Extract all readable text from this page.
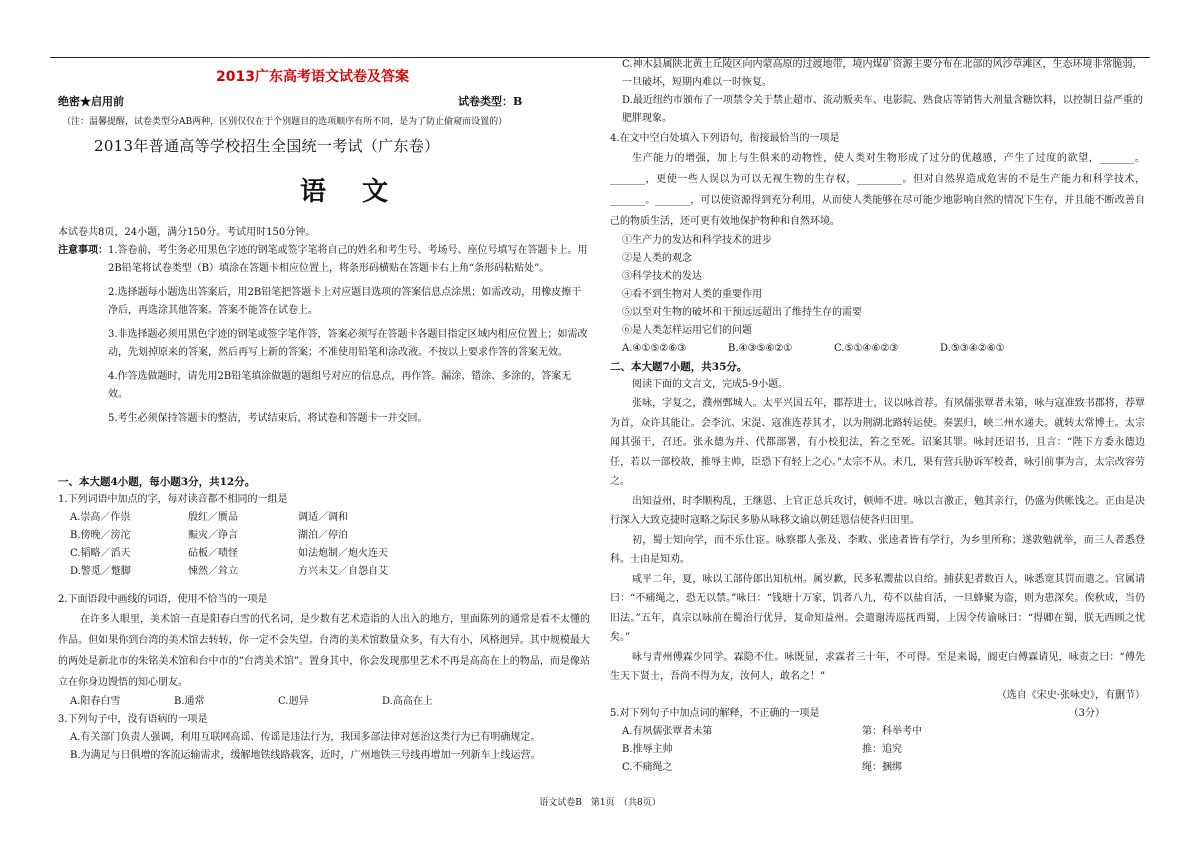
2013广东高考语文试卷及答案
绝密★启用前	试卷类型：B
（注：温馨提醒，试卷类型分AB两种，区别仅仅在于个别题目的选项顺序有所不同，是为了防止偷窥而设置的）
2013年普通高等学校招生全国统一考试（广东卷）
语文
本试卷共8页，24小题，满分150分。考试用时150分钟。
注意事项： 1.答卷前，考生务必用黑色字迹的钢笔或签字笔将自己的姓名和考生号、考场号、座位号填写在答题卡上。用2B铅笔将试卷类型（B）填涂在答题卡相应位置上，将条形码横贴在答题卡右上角“条形码粘贴处”。
2.选择题每小题选出答案后，用2B铅笔把答题卡上对应题目选项的答案信息点涂黑；如需改动，用橡皮擦干净后，再选涂其他答案。答案不能答在试卷上。
3.非选择题必须用黑色字迹的钢笔或签字笔作答，答案必须写在答题卡各题目指定区域内相应位置上；如需改动，先划掉原来的答案，然后再写上新的答案；不准使用铅笔和涂改液。不按以上要求作答的答案无效。
4.作答选做题时，请先用2B铅笔填涂做题的题组号对应的信息点，再作答。漏涂、错涂、多涂的，答案无效。
5.考生必须保持答题卡的整洁，考试结束后，将试卷和答题卡一并交回。
一、本大题4小题，每小题3分，共12分。
1.下列词语中加点的字，每对读音都不相同的一组是
A.崇高／作祟	殷红／赝品	调适／调和
B.傍晚／滂沱	赈灾／诤言	湖泊／停泊
C.韬略／滔天	砧板／啧怪	如法炮制／炮火连天
D.警觅／蹩脚	悚然／耸立	方兴未艾／自怨自艾
2.下面语段中画线的词语，使用不恰当的一项是
在许多人眼里，美术馆一直是阳春白雪的代名词，是少数有艺术造诣的人出入的地方，里面陈列的通常是看不太懂的作品。但如果你到台湾的美术馆去转转，你一定不会失望。台湾的美术馆数量众多，有大有小，风格迥异。其中规模最大的两处是新北市的朱铭美术馆和台中市的“台湾美术馆”。置身其中，你会发现那里艺术不再是高高在上的物品，而是像站立在你身边馒悟的知心朋友。
A.阳春白雪	B.通常	C.迥异	D.高高在上
3.下列句子中，没有语病的一项是
A.有关部门负责人强调，利用互联网高谣、传谣是违法行为，我国多部法律对惩治这类行为已有明确规定。
B.为满足与日俱增的客流运输需求，缓解地铁线路载客，近时，广州地铁三号线再增加一列新车上线运营。
C.神木县属陕北黄土丘陵区向内蒙高原的过渡地带，境内煤矿资源主要分布在北部的风沙草滩区，生态环境非常脆弱，一旦破坏，短期内难以一时恢复。
D.最近纽约市颁布了一项禁令关于禁止超市、流动贩卖车、电影院、熟食店等销售大剂量含糖饮料，以控制日益严重的肥胖现象。
4.在文中空白处填入下列语句，衔接最恰当的一项是
生产能力的增强，加上与生俱来的动物性，使人类对生物形成了过分的优越感，产生了过度的欲望，_______。_______，更使一些人误以为可以无视生物的生存权，_________。但对自然界造成危害的不是生产能力和科学技术，_______。_______，可以使资源得到充分利用，从而使人类能够在尽可能少地影响自然的情况下生存，并且能不断改善自己的物质生活，还可更有效地保护物种和自然环境。
①生产力的发达和科学技术的进步
②是人类的观念
③科学技术的发达
④看不到生物对人类的重要作用
⑤以至对生物的破坏和干预远远超出了维持生存的需要
⑥是人类怎样运用它们的问题
A.④①⑤②⑥③	B.④③⑤⑥②①	C.⑤①④⑥②③	D.⑤③④②⑥①
二、本大题7小题，共35分。
阅读下面的文言文，完成5-9小题。
张咏，字复之，濮州鄄城人。太平兴国五年，郡荐进士，议以咏首荐。有夙儒张覃者未第，咏与寇准致书郡将，荐覃为首，众许其能让。会李沆、宋湜、寇准连荐其才，以为荆湖北路转运使。奏罢归，峡二州水递夫。就转太常博士。太宗闻其强干，召还。张永德为并、代都部署，有小校犯法，笞之至死。诏案其罪。咏封还诏书，且言：“陛下方委永德边任，若以一部校故，推辱主帅，臣恐下有轻上之心。”太宗不从。未几，果有营兵胁诉军校者，咏引前事为言，太宗改容劳之。
出知益州，时李顺构乱，王继恩、上官正总兵攻讨，顿师不进。咏以言激正，勉其亲行，仍盛为供帐饯之。正由是决行深入大致克捷时寇略之际民多胁从咏移文谕以朝廷恩信使各归田里。
初，蜀士知向学，而不乐仕宦。咏察郡人张及、李畋、张逵者皆有学行，为乡里所称；遂敦勉就举，而三人者悉登科。士由是知劝。
咸平二年，夏，咏以工部侍郎出知杭州。属岁歉，民多私鬻盐以自给。捕获犯者数百人，咏悉宽其罚而遣之。官属请曰：“不痛绳之，恐无以禁。”咏曰：“钱塘十万家，饥者八九，苟不以盐自活，一旦蜂聚为盗，则为患深矣。俟秋成，当仍旧法。”五年，真宗以咏前在蜀治行优异，复命知益州。会遣谢涛巡抚西蜀，上因令传谕咏曰：“得卿在蜀，朕无西顾之忧矣。”
咏与青州傅霖少同学。霖隐不仕。咏既显，求霖者三十年，不可得。至是来谒，阍吏白傅霖请见，咏责之曰：“傅先生天下贤士，吾尚不得为友，汝何人，敢名之！”
（选自《宋史·张咏史》，有删节）
5.对下列句子中加点词的解释，不正确的一项是	（3分）
A.有夙儒张覃者未第	第：科举考中
B.推辱主帅	推：追究
C.不痛绳之	绳：捆绑
语文试卷B　第1页　（共8页）
